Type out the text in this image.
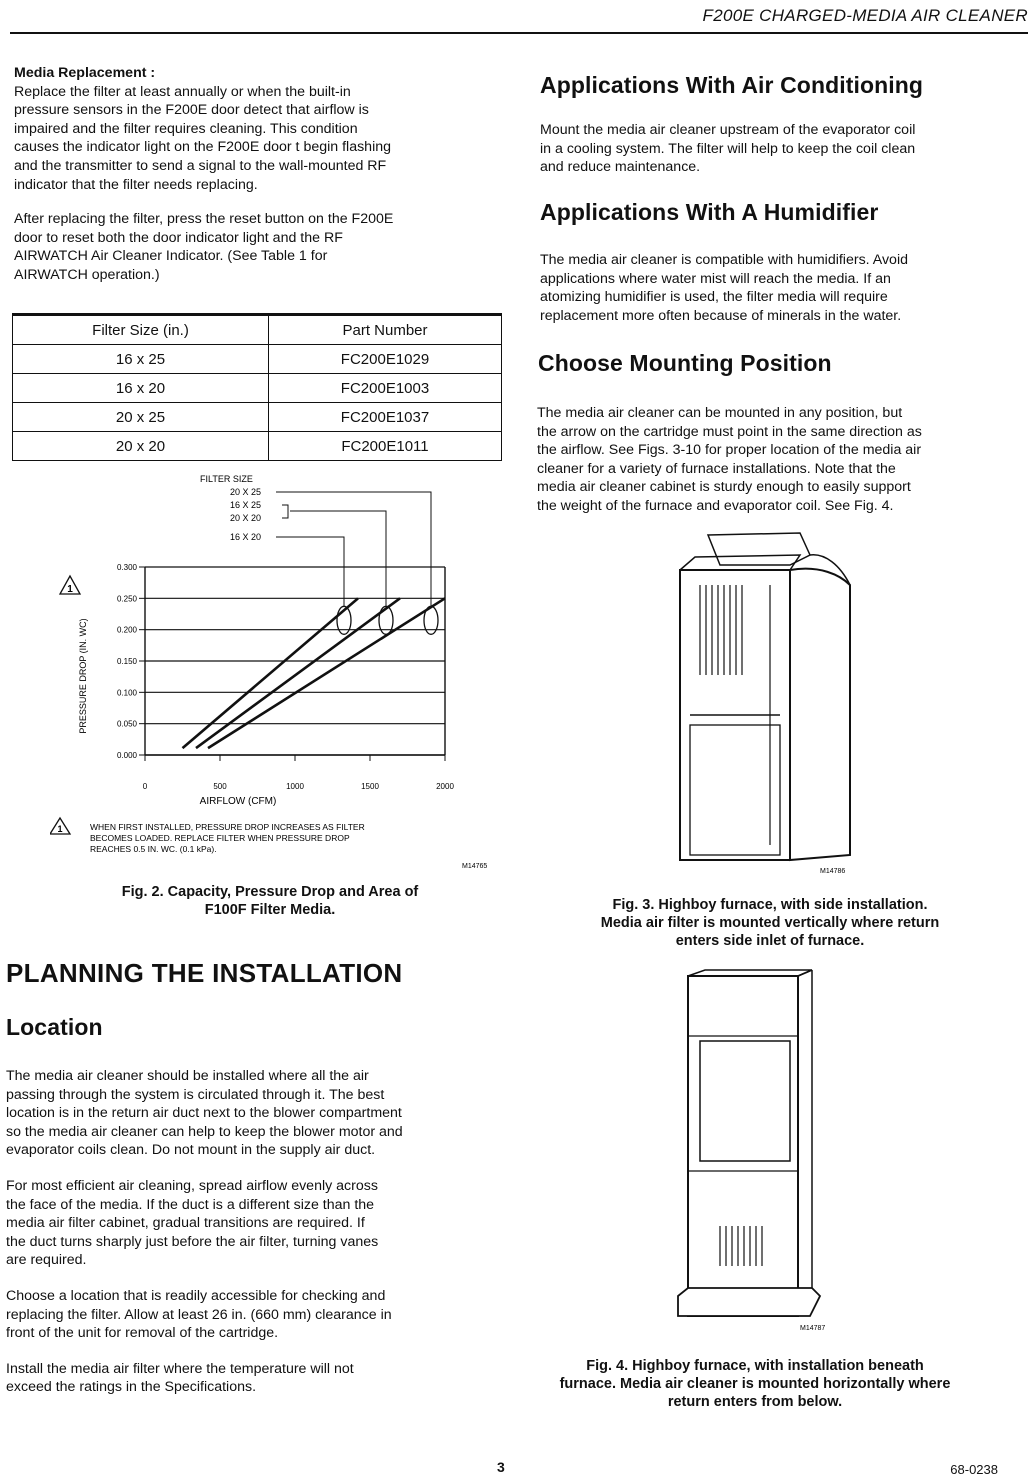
F200E CHARGED-MEDIA AIR CLEANER
Media Replacement :
Replace the filter at least annually or when the built-in
pressure sensors in the F200E door detect that airflow is
impaired and the filter requires cleaning. This condition
causes the indicator light on the F200E door t begin flashing
and the transmitter to send a signal to the wall-mounted RF
indicator that the filter needs replacing.
After replacing the filter, press the reset button on the F200E
door to reset both the door indicator light and the RF
AIRWATCH Air Cleaner Indicator. (See Table 1 for
AIRWATCH operation.)
Filter Size (in.)	Part Number
16 x 25	FC200E1029
16 x 20	FC200E1003
20 x 25	FC200E1037
20 x 20	FC200E1011
0.000
0.050
0.100
0.150
0.200
0.250
0.300
0	500	1000	1500	2000
FILTER SIZE
20 X 25
16 X 25
20 X 20
16 X 20
AIRFLOW (CFM)
PRESSURE DROP (IN. WC)
1
1	WHEN FIRST INSTALLED, PRESSURE DROP INCREASES AS FILTER
BECOMES LOADED. REPLACE FILTER WHEN PRESSURE DROP
REACHES 0.5 IN. WC. (0.1 kPa).
M14765
Fig. 2. Capacity, Pressure Drop and Area of
F100F Filter Media.
PLANNING THE INSTALLATION
Location
The media air cleaner should be installed where all the air
passing through the system is circulated through it. The best
location is in the return air duct next to the blower compartment
so the media air cleaner can help to keep the blower motor and
evaporator coils clean. Do not mount in the supply air duct.
For most efficient air cleaning, spread airflow evenly across
the face of the media. If the duct is a different size than the
media air filter cabinet, gradual transitions are required. If
the duct turns sharply just before the air filter, turning vanes
are required.
Choose a location that is readily accessible for checking and
replacing the filter. Allow at least 26 in. (660 mm) clearance in
front of the unit for removal of the cartridge.
Install the media air filter where the temperature will not
exceed the ratings in the Specifications.
Applications With Air Conditioning
Mount the media air cleaner upstream of the evaporator coil
in a cooling system. The filter will help to keep the coil clean
and reduce maintenance.
Applications With A Humidifier
The media air cleaner is compatible with humidifiers. Avoid
applications where water mist will reach the media. If an
atomizing humidifier is used, the filter media will require
replacement more often because of minerals in the water.
Choose Mounting Position
The media air cleaner can be mounted in any position, but
the arrow on the cartridge must point in the same direction as
the airflow. See Figs. 3-10 for proper location of the media air
cleaner for a variety of furnace installations. Note that the
media air cleaner cabinet is sturdy enough to easily support
the weight of the furnace and evaporator coil. See Fig. 4.
M14786
Fig. 3. Highboy furnace, with side installation.
Media air filter is mounted vertically where return
enters side inlet of furnace.
M14787
Fig. 4. Highboy furnace, with installation beneath
furnace. Media air cleaner is mounted horizontally where
return enters from below.
3	68-0238
